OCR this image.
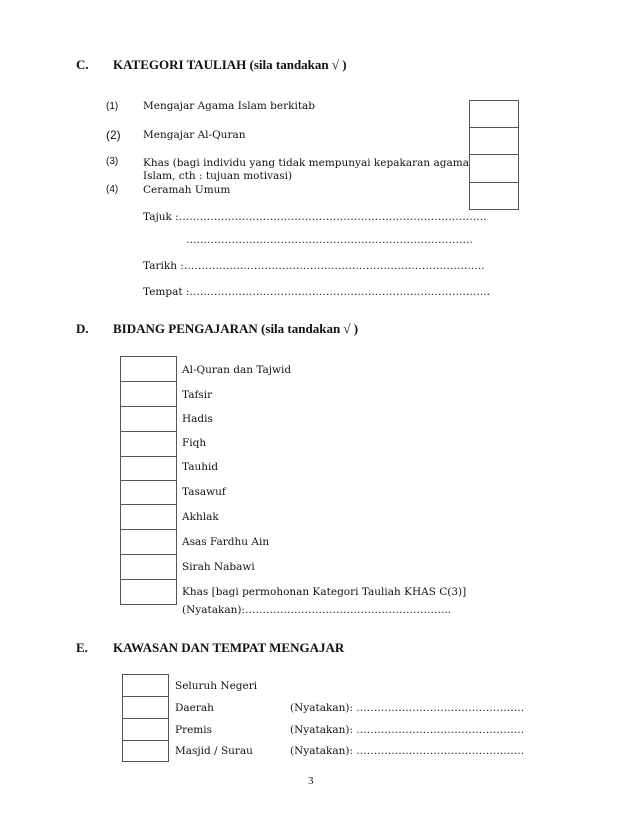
C. KATEGORI TAULIAH (sila tandakan √ )
(1) Mengajar Agama Islam berkitab
(2) Mengajar Al-Quran
(3) Khas (bagi individu yang tidak mempunyai kepakaran agama
Islam, cth : tujuan motivasi)
(4) Ceramah Umum
Tajuk :…………………………………………………………………………….
……………………………………………………………………….
Tarikh :…………………………………………………………………………..
Tempat :…………………………………………………………………………..
D. BIDANG PENGAJARAN (sila tandakan √ )
Al-Quran dan Tajwid
Tafsir
Hadis
Fiqh
Tauhid
Tasawuf
Akhlak
Asas Fardhu Ain
Sirah Nabawi
Khas [bagi permohonan Kategori Tauliah KHAS C(3)]
(Nyatakan):…………………………………………………..
E. KAWASAN DAN TEMPAT MENGAJAR
Seluruh Negeri
Daerah
Premis
Masjid / Surau
(Nyatakan): …………………………………………
(Nyatakan): …………………………………………
(Nyatakan): …………………………………………
3
